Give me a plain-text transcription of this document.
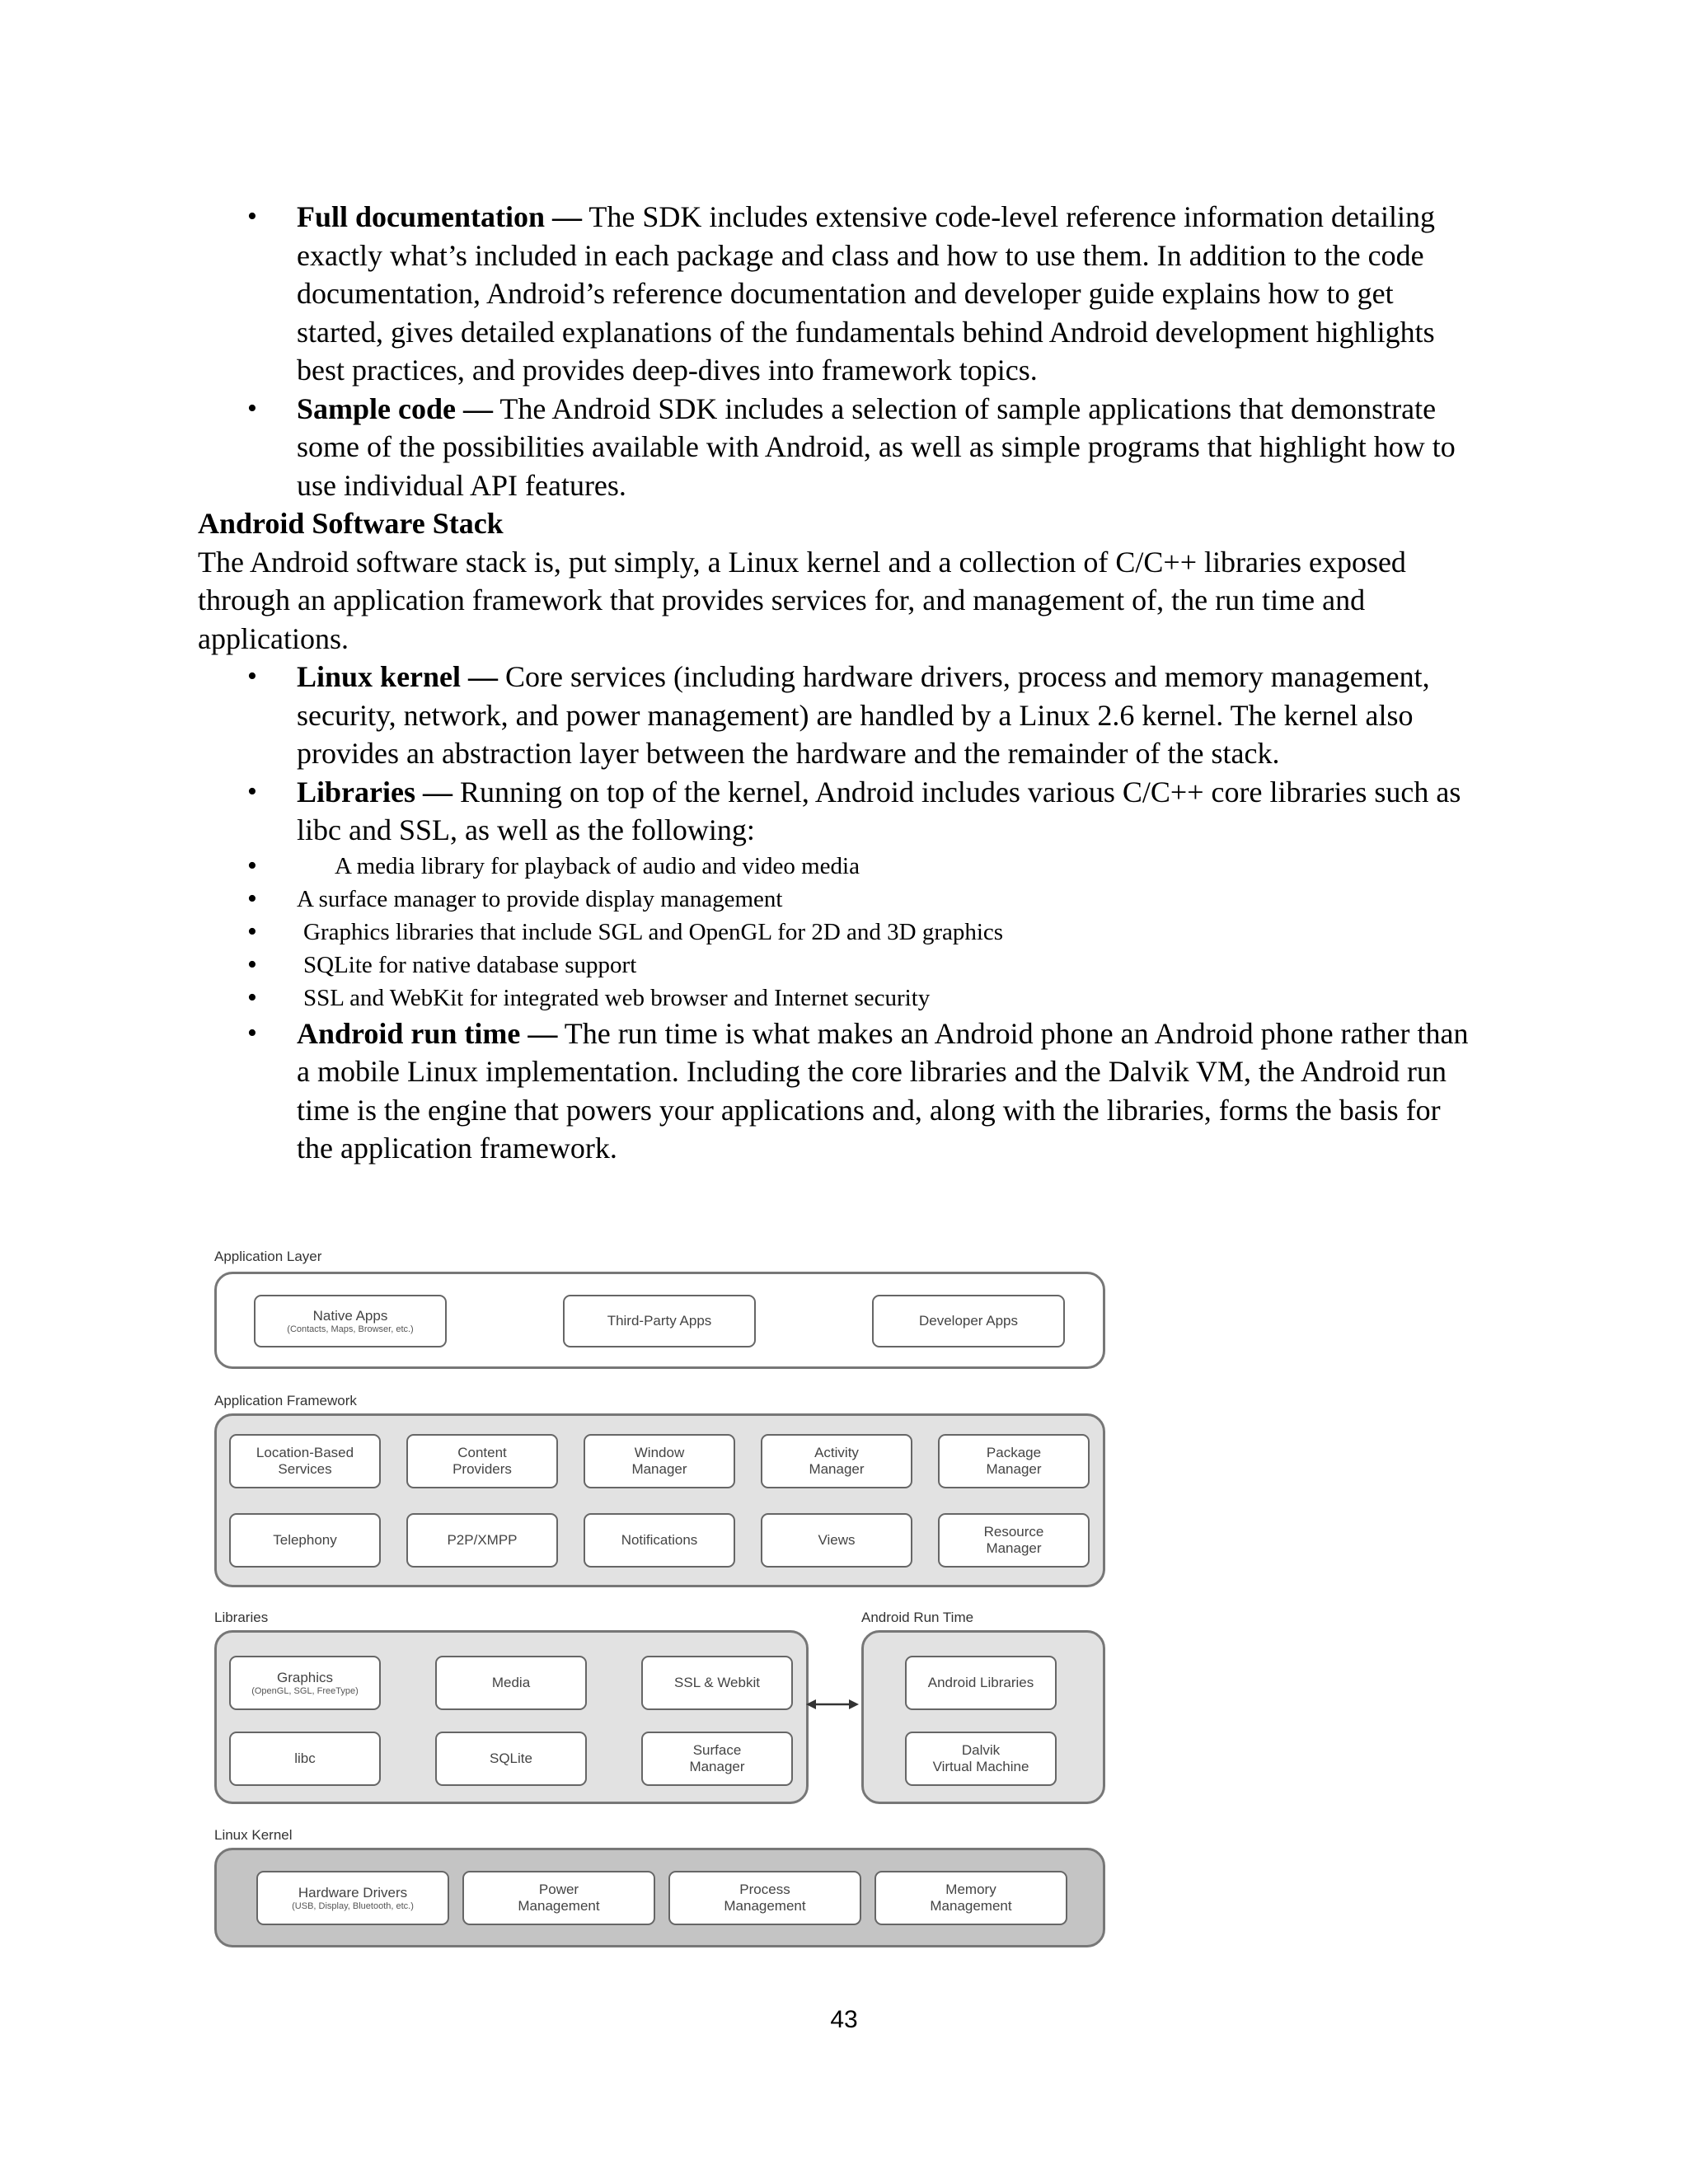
• Full documentation — The SDK includes extensive code-level reference information detailing exactly what’s included in each package and class and how to use them. In addition to the code documentation, Android’s reference documentation and developer guide explains how to get started, gives detailed explanations of the fundamentals behind Android development highlights best practices, and provides deep-dives into framework topics.
• Sample code — The Android SDK includes a selection of sample applications that demonstrate some of the possibilities available with Android, as well as simple programs that highlight how to use individual API features.

Android Software Stack

The Android software stack is, put simply, a Linux kernel and a collection of C/C++ libraries exposed through an application framework that provides services for, and management of, the run time and applications.

• Linux kernel — Core services (including hardware drivers, process and memory management, security, network, and power management) are handled by a Linux 2.6 kernel. The kernel also provides an abstraction layer between the hardware and the remainder of the stack.
• Libraries — Running on top of the kernel, Android includes various C/C++ core libraries such as libc and SSL, as well as the following:
• A media library for playback of audio and video media
• A surface manager to provide display management
• Graphics libraries that include SGL and OpenGL for 2D and 3D graphics
• SQLite for native database support
• SSL and WebKit for integrated web browser and Internet security
• Android run time — The run time is what makes an Android phone an Android phone rather than a mobile Linux implementation. Including the core libraries and the Dalvik VM, the Android run time is the engine that powers your applications and, along with the libraries, forms the basis for the application framework.
Application Layer
Native Apps
(Contacts, Maps, Browser, etc.)
Third-Party Apps	Developer Apps
Application Framework
Location-Based
Services
Content
Providers
Window
Manager
Activity
Manager
Package
Manager
Telephony	P2P/XMPP	Notifications	Views
Resource
Manager
Libraries
Graphics
(OpenGL, SGL, FreeType)
Media	SSL & Webkit
libc	SQLite
Surface
Manager
Android Run Time
Android Libraries
Dalvik
Virtual Machine
Linux Kernel
Hardware Drivers
(USB, Display, Bluetooth, etc.)
Power
Management
Process
Management
Memory
Management
43
